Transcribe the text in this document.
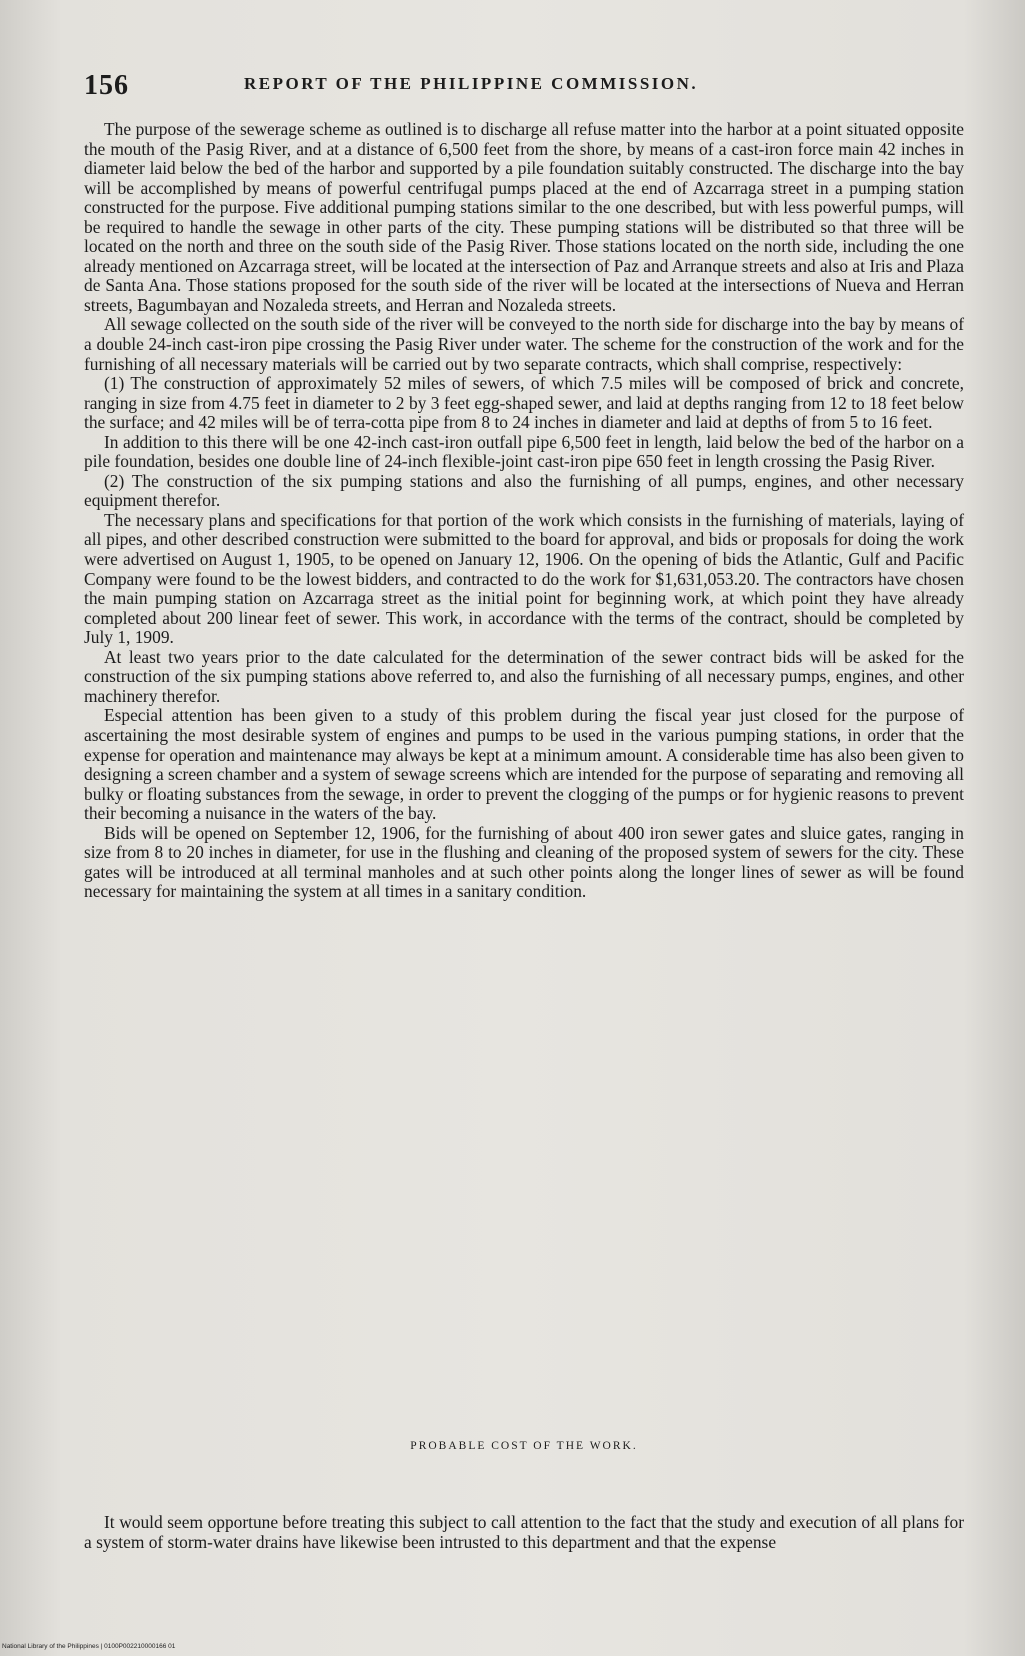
156	REPORT OF THE PHILIPPINE COMMISSION.

The purpose of the sewerage scheme as outlined is to discharge all refuse matter into the harbor at a point situated opposite the mouth of the Pasig River, and at a distance of 6,500 feet from the shore, by means of a cast-iron force main 42 inches in diameter laid below the bed of the harbor and supported by a pile foundation suitably constructed. The discharge into the bay will be accomplished by means of powerful centrifugal pumps placed at the end of Azcarraga street in a pumping station constructed for the purpose. Five additional pumping stations similar to the one described, but with less powerful pumps, will be required to handle the sewage in other parts of the city. These pumping stations will be distributed so that three will be located on the north and three on the south side of the Pasig River. Those stations located on the north side, including the one already mentioned on Azcarraga street, will be located at the intersection of Paz and Arranque streets and also at Iris and Plaza de Santa Ana. Those stations proposed for the south side of the river will be located at the intersections of Nueva and Herran streets, Bagumbayan and Nozaleda streets, and Herran and Nozaleda streets.

All sewage collected on the south side of the river will be conveyed to the north side for discharge into the bay by means of a double 24-inch cast-iron pipe crossing the Pasig River under water. The scheme for the construction of the work and for the furnishing of all necessary materials will be carried out by two separate contracts, which shall comprise, respectively:

(1) The construction of approximately 52 miles of sewers, of which 7.5 miles will be composed of brick and concrete, ranging in size from 4.75 feet in diameter to 2 by 3 feet egg-shaped sewer, and laid at depths ranging from 12 to 18 feet below the surface; and 42 miles will be of terra-cotta pipe from 8 to 24 inches in diameter and laid at depths of from 5 to 16 feet.

In addition to this there will be one 42-inch cast-iron outfall pipe 6,500 feet in length, laid below the bed of the harbor on a pile foundation, besides one double line of 24-inch flexible-joint cast-iron pipe 650 feet in length crossing the Pasig River.

(2) The construction of the six pumping stations and also the furnishing of all pumps, engines, and other necessary equipment therefor.

The necessary plans and specifications for that portion of the work which consists in the furnishing of materials, laying of all pipes, and other described construction were submitted to the board for approval, and bids or proposals for doing the work were advertised on August 1, 1905, to be opened on January 12, 1906. On the opening of bids the Atlantic, Gulf and Pacific Company were found to be the lowest bidders, and contracted to do the work for $1,631,053.20. The contractors have chosen the main pumping station on Azcarraga street as the initial point for beginning work, at which point they have already completed about 200 linear feet of sewer. This work, in accordance with the terms of the contract, should be completed by July 1, 1909.

At least two years prior to the date calculated for the determination of the sewer contract bids will be asked for the construction of the six pumping stations above referred to, and also the furnishing of all necessary pumps, engines, and other machinery therefor.

Especial attention has been given to a study of this problem during the fiscal year just closed for the purpose of ascertaining the most desirable system of engines and pumps to be used in the various pumping stations, in order that the expense for operation and maintenance may always be kept at a minimum amount. A considerable time has also been given to designing a screen chamber and a system of sewage screens which are intended for the purpose of separating and removing all bulky or floating substances from the sewage, in order to prevent the clogging of the pumps or for hygienic reasons to prevent their becoming a nuisance in the waters of the bay.

Bids will be opened on September 12, 1906, for the furnishing of about 400 iron sewer gates and sluice gates, ranging in size from 8 to 20 inches in diameter, for use in the flushing and cleaning of the proposed system of sewers for the city. These gates will be introduced at all terminal manholes and at such other points along the longer lines of sewer as will be found necessary for maintaining the system at all times in a sanitary condition.

PROBABLE COST OF THE WORK.

It would seem opportune before treating this subject to call attention to the fact that the study and execution of all plans for a system of storm-water drains have likewise been intrusted to this department and that the expense

National Library of the Philippines | 0100P002210000166 01
